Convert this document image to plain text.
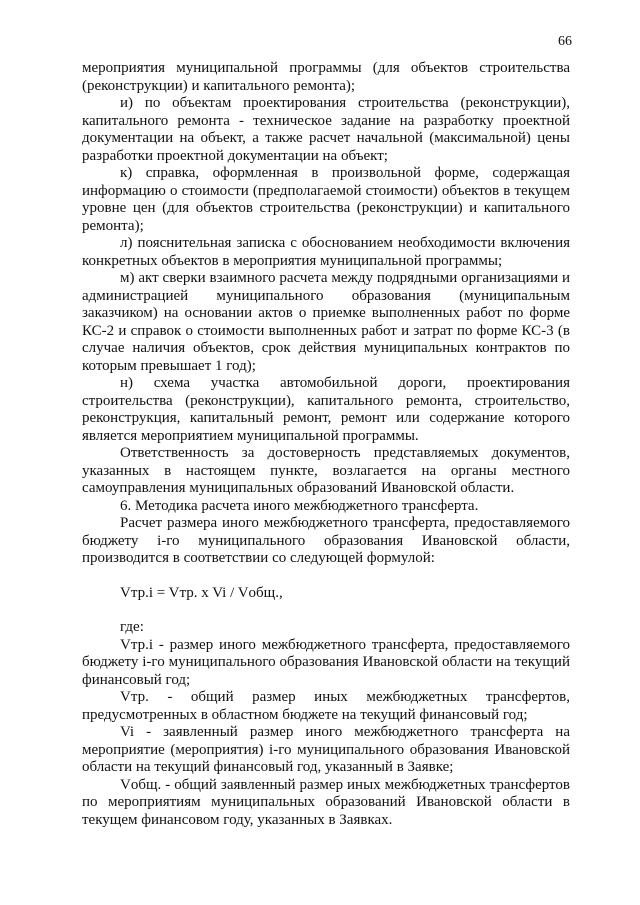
66

мероприятия муниципальной программы (для объектов строительства (реконструкции) и капитального ремонта);

и) по объектам проектирования строительства (реконструкции), капитального ремонта - техническое задание на разработку проектной документации на объект, а также расчет начальной (максимальной) цены разработки проектной документации на объект;

к) справка, оформленная в произвольной форме, содержащая информацию о стоимости (предполагаемой стоимости) объектов в текущем уровне цен (для объектов строительства (реконструкции) и капитального ремонта);

л) пояснительная записка с обоснованием необходимости включения конкретных объектов в мероприятия муниципальной программы;

м) акт сверки взаимного расчета между подрядными организациями и администрацией муниципального образования (муниципальным заказчиком) на основании актов о приемке выполненных работ по форме КС-2 и справок о стоимости выполненных работ и затрат по форме КС-3 (в случае наличия объектов, срок действия муниципальных контрактов по которым превышает 1 год);

н) схема участка автомобильной дороги, проектирования строительства (реконструкции), капитального ремонта, строительство, реконструкция, капитальный ремонт, ремонт или содержание которого является мероприятием муниципальной программы.

Ответственность за достоверность представляемых документов, указанных в настоящем пункте, возлагается на органы местного самоуправления муниципальных образований Ивановской области.

6. Методика расчета иного межбюджетного трансферта.

Расчет размера иного межбюджетного трансферта, предоставляемого бюджету i-го муниципального образования Ивановской области, производится в соответствии со следующей формулой:

Vтр.i = Vтр. x Vi / Vобщ.,

где:

Vтр.i - размер иного межбюджетного трансферта, предоставляемого бюджету i-го муниципального образования Ивановской области на текущий финансовый год;

Vтр. - общий размер иных межбюджетных трансфертов, предусмотренных в областном бюджете на текущий финансовый год;

Vi - заявленный размер иного межбюджетного трансферта на мероприятие (мероприятия) i-го муниципального образования Ивановской области на текущий финансовый год, указанный в Заявке;

Vобщ. - общий заявленный размер иных межбюджетных трансфертов по мероприятиям муниципальных образований Ивановской области в текущем финансовом году, указанных в Заявках.
